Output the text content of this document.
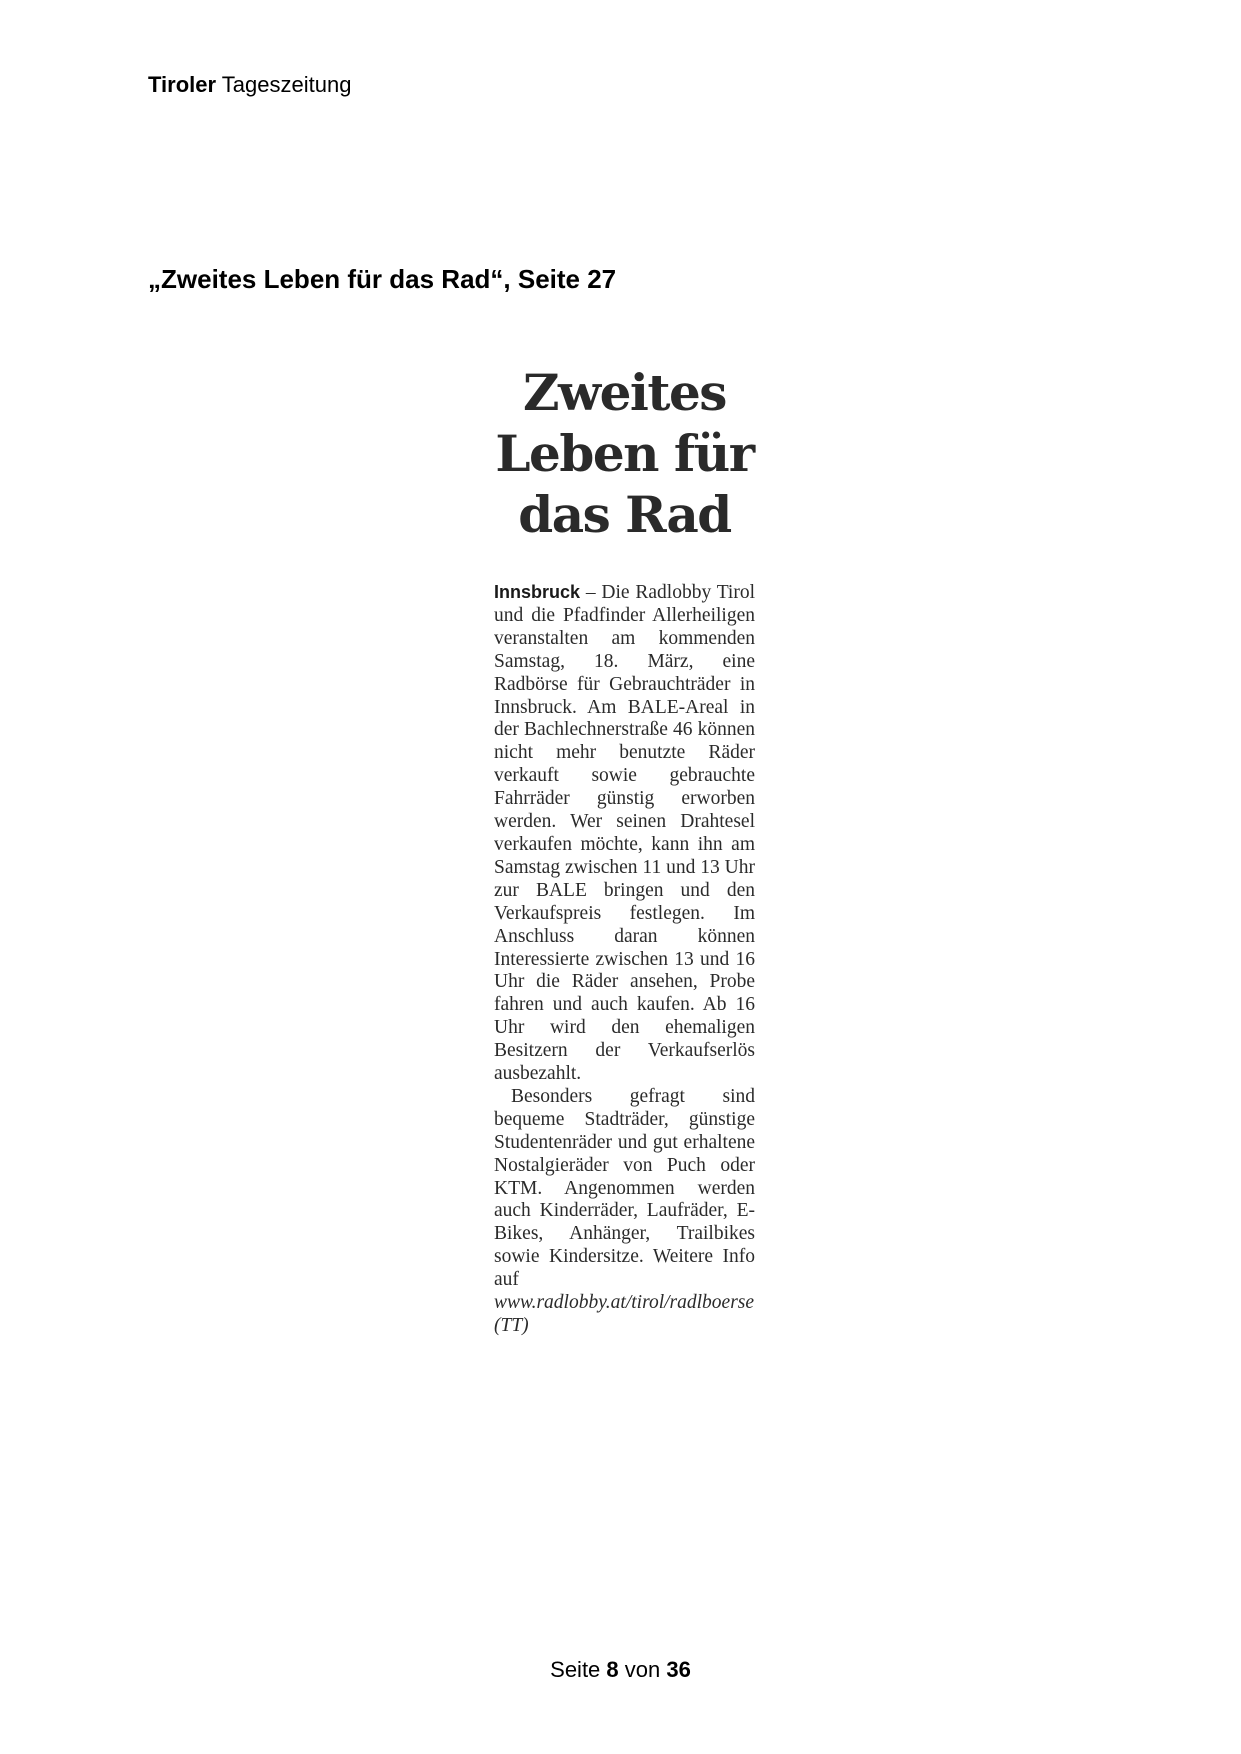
Tiroler Tageszeitung
„Zweites Leben für das Rad“, Seite 27
Zweites
Leben für
das Rad

Innsbruck – Die Radlobby Tirol und die Pfadfinder Allerheiligen veranstalten am kommenden Samstag, 18. März, eine Radbörse für Gebrauchträder in Innsbruck. Am BALE-Areal in der Bachlechnerstraße 46 können nicht mehr benutzte Räder verkauft sowie gebrauchte Fahrräder günstig erworben werden. Wer seinen Drahtesel verkaufen möchte, kann ihn am Samstag zwischen 11 und 13 Uhr zur BALE bringen und den Verkaufspreis festlegen. Im Anschluss daran können Interessierte zwischen 13 und 16 Uhr die Räder ansehen, Probe fahren und auch kaufen. Ab 16 Uhr wird den ehemaligen Besitzern der Verkaufserlös ausbezahlt.

Besonders gefragt sind bequeme Stadträder, günstige Studentenräder und gut erhaltene Nostalgieräder von Puch oder KTM. Angenommen werden auch Kinderräder, Laufräder, E-Bikes, Anhänger, Trailbikes sowie Kindersitze. Weitere Info auf www.radlobby.at/tirol/radlboerse (TT)

Seite 8 von 36
